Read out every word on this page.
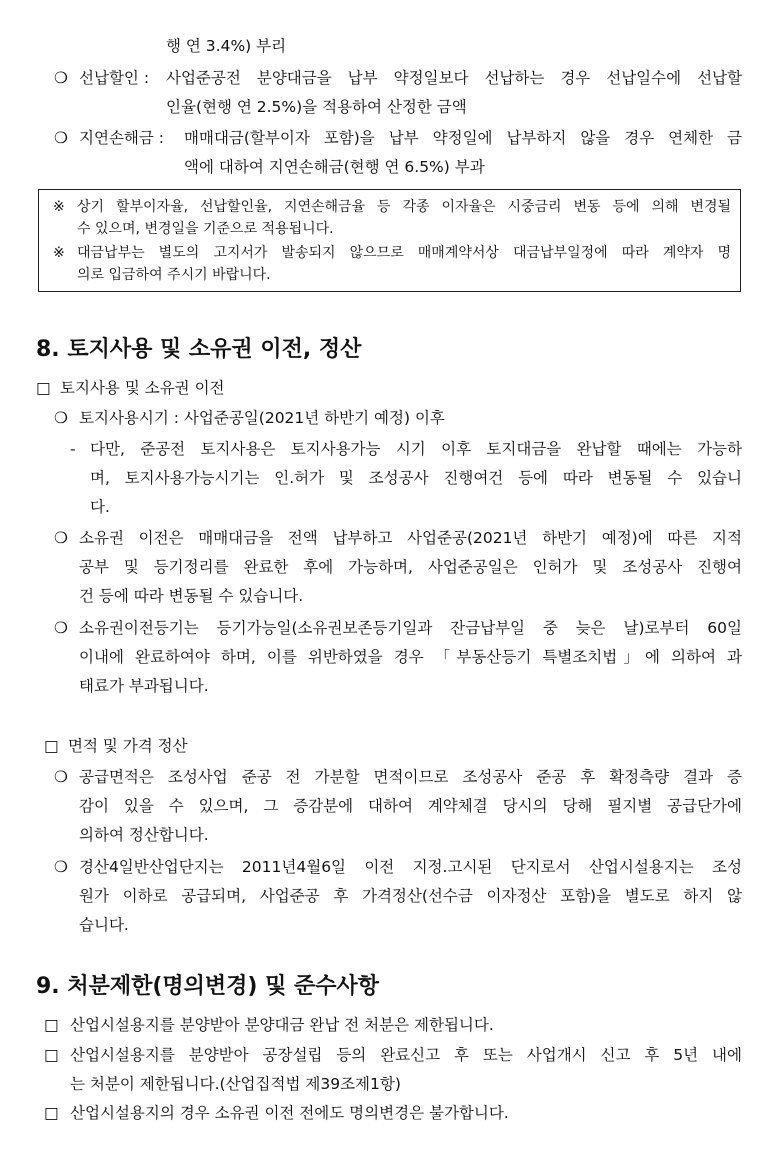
행 연 3.4%) 부리
❍ 선납할인 : 사업준공전 분양대금을 납부 약정일보다 선납하는 경우 선납일수에 선납할
인율(현행 연 2.5%)을 적용하여 산정한 금액
❍ 지연손해금 : 매매대금(할부이자 포함)을 납부 약정일에 납부하지 않을 경우 연체한 금
액에 대하여 지연손해금(현행 연 6.5%) 부과
※ 상기 할부이자율, 선납할인율, 지연손해금율 등 각종 이자율은 시중금리 변동 등에 의해 변경될
수 있으며, 변경일을 기준으로 적용됩니다.
※ 대금납부는 별도의 고지서가 발송되지 않으므로 매매계약서상 대금납부일정에 따라 계약자 명
의로 입금하여 주시기 바랍니다.
8. 토지사용 및 소유권 이전, 정산
□ 토지사용 및 소유권 이전
❍ 토지사용시기 : 사업준공일(2021년 하반기 예정) 이후
- 다만, 준공전 토지사용은 토지사용가능 시기 이후 토지대금을 완납할 때에는 가능하
며, 토지사용가능시기는 인.허가 및 조성공사 진행여건 등에 따라 변동될 수 있습니
다.
❍ 소유권 이전은 매매대금을 전액 납부하고 사업준공(2021년 하반기 예정)에 따른 지적
공부 및 등기정리를 완료한 후에 가능하며, 사업준공일은 인허가 및 조성공사 진행여
건 등에 따라 변동될 수 있습니다.
❍ 소유권이전등기는 등기가능일(소유권보존등기일과 잔금납부일 중 늦은 날)로부터 60일
이내에 완료하여야 하며, 이를 위반하였을 경우 「부동산등기 특별조치법」에 의하여 과
태료가 부과됩니다.
□ 면적 및 가격 정산
❍ 공급면적은 조성사업 준공 전 가분할 면적이므로 조성공사 준공 후 확정측량 결과 증
감이 있을 수 있으며, 그 증감분에 대하여 계약체결 당시의 당해 필지별 공급단가에
의하여 정산합니다.
❍ 경산4일반산업단지는 2011년4월6일 이전 지정.고시된 단지로서 산업시설용지는 조성
원가 이하로 공급되며, 사업준공 후 가격정산(선수금 이자정산 포함)을 별도로 하지 않
습니다.
9. 처분제한(명의변경) 및 준수사항
□ 산업시설용지를 분양받아 분양대금 완납 전 처분은 제한됩니다.
□ 산업시설용지를 분양받아 공장설립 등의 완료신고 후 또는 사업개시 신고 후 5년 내에
는 처분이 제한됩니다.(산업집적법 제39조제1항)
□ 산업시설용지의 경우 소유권 이전 전에도 명의변경은 불가합니다.
